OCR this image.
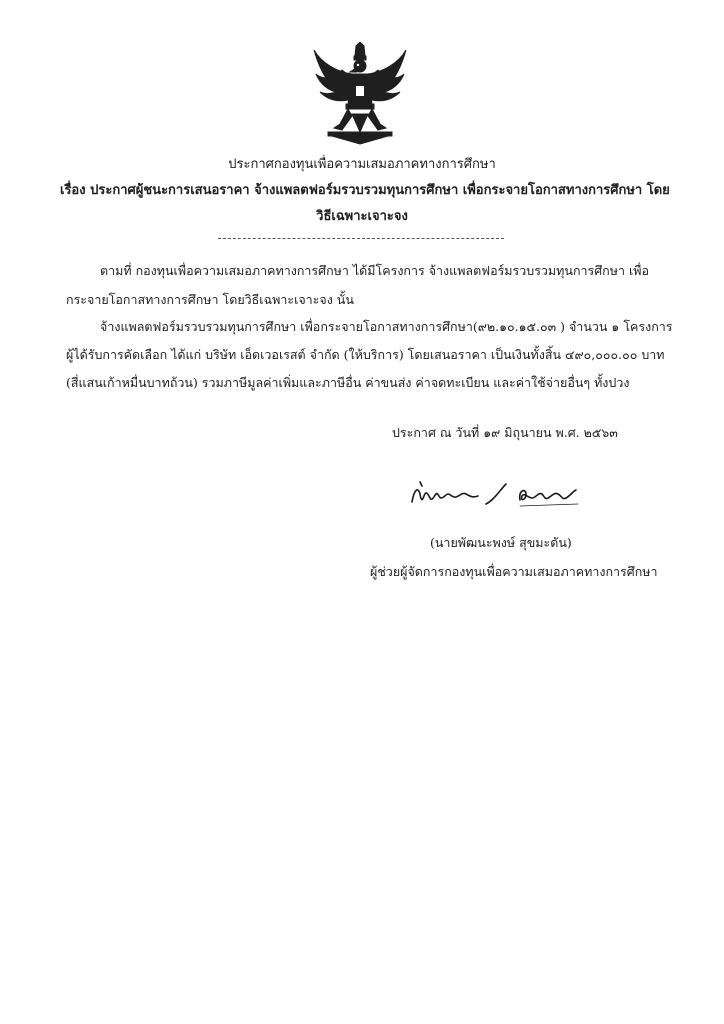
ประกาศกองทุนเพื่อความเสมอภาคทางการศึกษา
เรื่อง ประกาศผู้ชนะการเสนอราคา จ้างแพลตฟอร์มรวบรวมทุนการศึกษา เพื่อกระจายโอกาสทางการศึกษา โดย
วิธีเฉพาะเจาะจง
ตามที่ กองทุนเพื่อความเสมอภาคทางการศึกษา ได้มีโครงการ จ้างแพลตฟอร์มรวบรวมทุนการศึกษา เพื่อ
กระจายโอกาสทางการศึกษา โดยวิธีเฉพาะเจาะจง นั้น
จ้างแพลตฟอร์มรวบรวมทุนการศึกษา เพื่อกระจายโอกาสทางการศึกษา(๙๒.๑๐.๑๕.๐๓ ) จำนวน ๑ โครงการ
ผู้ได้รับการคัดเลือก ได้แก่ บริษัท เอ็ดเวอเรสต์ จำกัด (ให้บริการ) โดยเสนอราคา เป็นเงินทั้งสิ้น ๔๙๐,๐๐๐.๐๐ บาท
(สี่แสนเก้าหมื่นบาทถ้วน) รวมภาษีมูลค่าเพิ่มและภาษีอื่น ค่าขนส่ง ค่าจดทะเบียน และค่าใช้จ่ายอื่นๆ ทั้งปวง
ประกาศ ณ วันที่ ๑๙ มิถุนายน พ.ศ. ๒๕๖๓
(นายพัฒนะพงษ์ สุขมะดัน)
ผู้ช่วยผู้จัดการกองทุนเพื่อความเสมอภาคทางการศึกษา
